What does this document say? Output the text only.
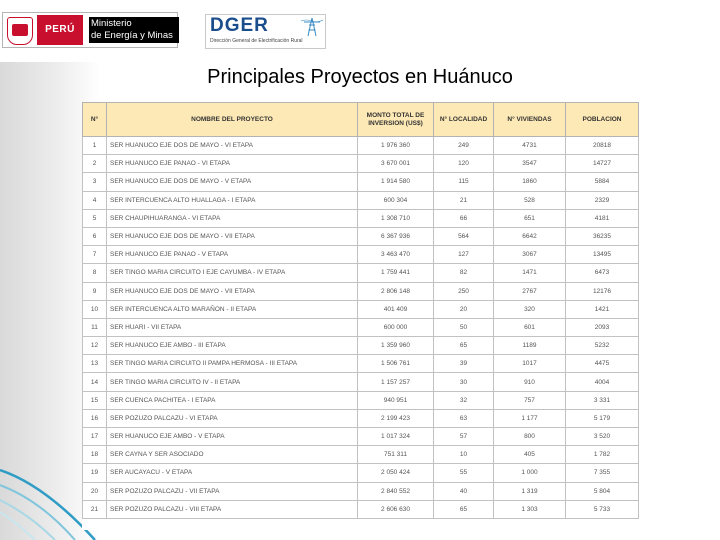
PERÚ
Ministerio
de Energía y Minas DGER
Dirección General de Electrificación Rural
Principales Proyectos en Huánuco
N°	NOMBRE DEL PROYECTO	MONTO TOTAL DE INVERSION (US$)	N° LOCALIDAD	N° VIVIENDAS	POBLACION
1	SER HUANUCO EJE DOS DE MAYO - VI ETAPA	1 976 360	249	4731	20818
2	SER HUANUCO EJE PANAO - VI ETAPA	3 670 001	120	3547	14727
3	SER HUANUCO EJE DOS DE MAYO - V ETAPA	1 914 580	115	1860	5884
4	SER INTERCUENCA ALTO HUALLAGA - I ETAPA	600 304	21	528	2329
5	SER CHAUPIHUARANGA - VI ETAPA	1 308 710	66	651	4181
6	SER HUANUCO EJE DOS DE MAYO - VII ETAPA	6 367 936	564	6642	36235
7	SER HUANUCO EJE PANAO - V ETAPA	3 463 470	127	3067	13495
8	SER TINGO MARIA CIRCUITO I EJE CAYUMBA - IV ETAPA	1 759 441	82	1471	6473
9	SER HUANUCO EJE DOS DE MAYO - VII ETAPA	2 806 148	250	2767	12176
10	SER INTERCUENCA ALTO MARAÑON - II ETAPA	401 409	20	320	1421
11	SER HUARI - VII ETAPA	600 000	50	601	2093
12	SER HUANUCO EJE AMBO - III ETAPA	1 359 960	65	1189	5232
13	SER TINGO MARIA CIRCUITO II PAMPA HERMOSA - III ETAPA	1 506 761	39	1017	4475
14	SER TINGO MARIA CIRCUITO IV - II ETAPA	1 157 257	30	910	4004
15	SER CUENCA PACHITEA - I ETAPA	940 951	32	757	3 331
16	SER POZUZO PALCAZU - VI ETAPA	2 199 423	63	1 177	5 179
17	SER HUANUCO EJE AMBO - V ETAPA	1 017 324	57	800	3 520
18	SER CAYNA Y SER ASOCIADO	751 311	10	405	1 782
19	SER AUCAYACU - V ETAPA	2 050 424	55	1 000	7 355
20	SER POZUZO PALCAZU - VII ETAPA	2 840 552	40	1 319	5 804
21	SER POZUZO PALCAZU - VIII ETAPA	2 606 630	65	1 303	5 733
